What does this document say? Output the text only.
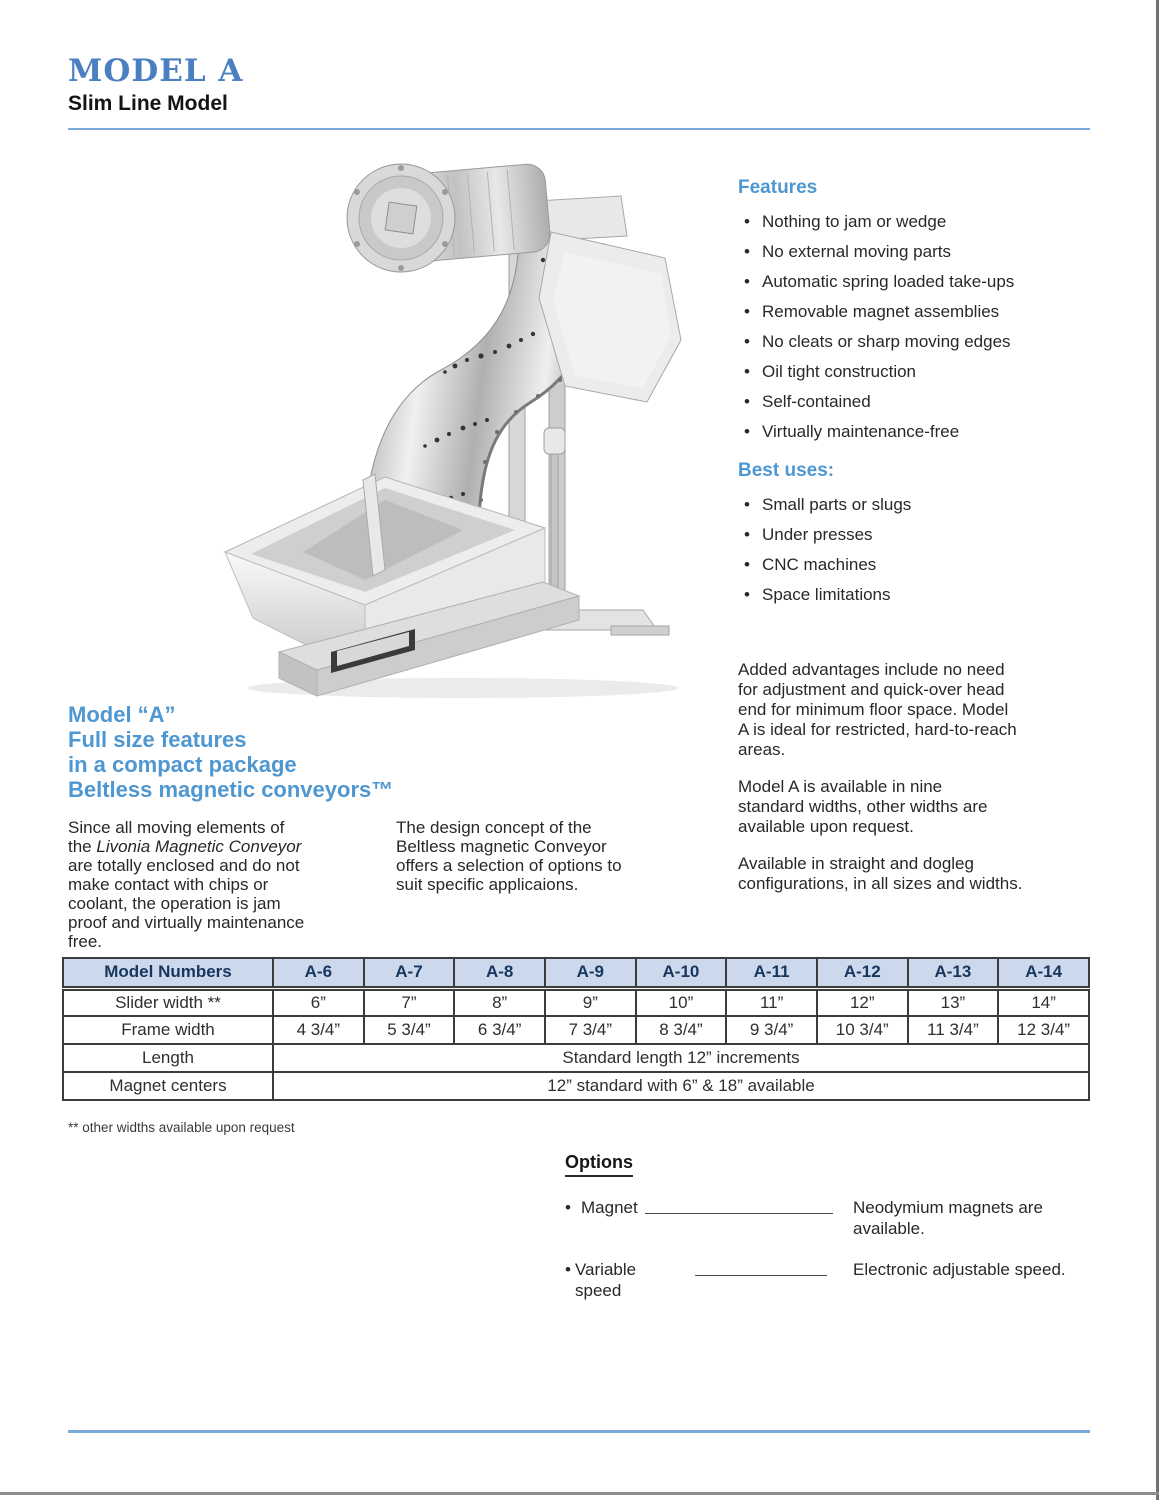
MODEL A
Slim Line Model
Features
• Nothing to jam or wedge
• No external moving parts
• Automatic spring loaded take-ups
• Removable magnet assemblies
• No cleats or sharp moving edges
• Oil tight construction
• Self-contained
• Virtually maintenance-free
Best uses:
• Small parts or slugs
• Under presses
• CNC machines
• Space limitations
Added advantages include no need
for adjustment and quick-over head
end for minimum floor space. Model
A is ideal for restricted, hard-to-reach
areas.
Model A is available in nine
standard widths, other widths are
available upon request.
Available in straight and dogleg
configurations, in all sizes and widths.
Model “A”
Full size features
in a compact package
Beltless magnetic conveyors™
Since all moving elements of
the Livonia Magnetic Conveyor
are totally enclosed and do not
make contact with chips or
coolant, the operation is jam
proof and virtually maintenance
free.
The design concept of the
Beltless magnetic Conveyor
offers a selection of options to
suit specific applicaions.
Model Numbers	A-6	A-7	A-8	A-9	A-10	A-11	A-12	A-13	A-14
Slider width **	6”	7”	8”	9”	10”	11”	12”	13”	14”
Frame width	4 3/4”	5 3/4”	6 3/4”	7 3/4”	8 3/4”	9 3/4”	10 3/4”	11 3/4”	12 3/4”
Length	Standard length 12” increments								
Magnet centers	12” standard with 6” & 18” available								
** other widths available upon request
Options
• Magnet	Neodymium magnets are available.
• Variable speed
Electronic adjustable speed.
